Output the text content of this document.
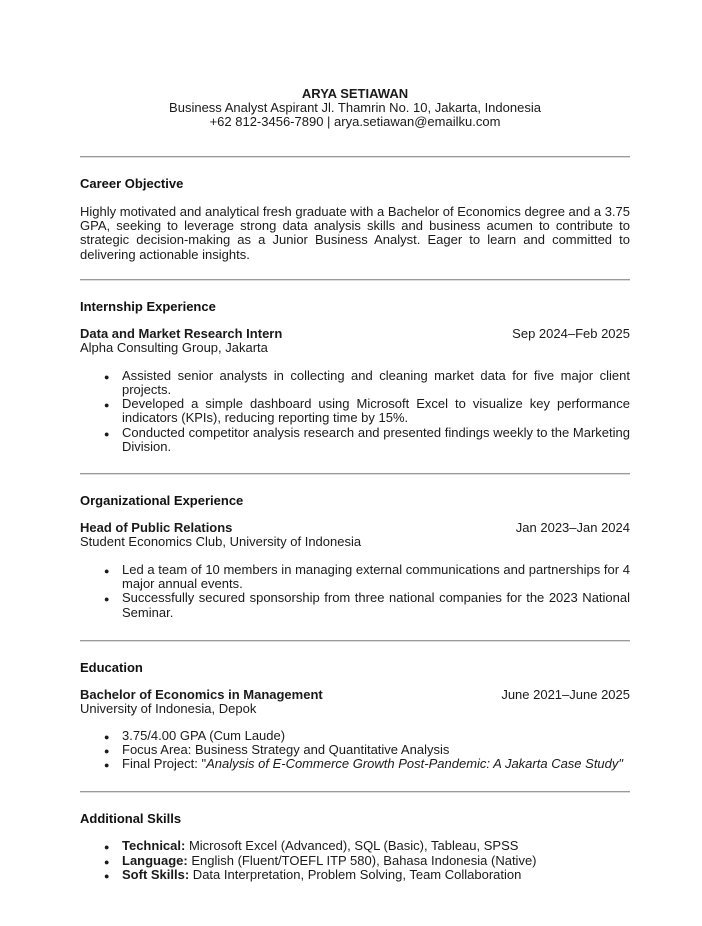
ARYA SETIAWAN
Business Analyst Aspirant Jl. Thamrin No. 10, Jakarta, Indonesia
+62 812-3456-7890 | arya.setiawan@emailku.com
Career Objective

Highly motivated and analytical fresh graduate with a Bachelor of Economics degree and a 3.75 GPA, seeking to leverage strong data analysis skills and business acumen to contribute to strategic decision-making as a Junior Business Analyst. Eager to learn and committed to delivering actionable insights.

Internship Experience
Data and Market Research Intern	Sep 2024–Feb 2025
Alpha Consulting Group, Jakarta
● Assisted senior analysts in collecting and cleaning market data for five major client projects.
● Developed a simple dashboard using Microsoft Excel to visualize key performance indicators (KPIs), reducing reporting time by 15%.
● Conducted competitor analysis research and presented findings weekly to the Marketing Division.
Organizational Experience
Head of Public Relations	Jan 2023–Jan 2024
Student Economics Club, University of Indonesia
● Led a team of 10 members in managing external communications and partnerships for 4 major annual events.
● Successfully secured sponsorship from three national companies for the 2023 National Seminar.
Education
Bachelor of Economics in Management	June 2021–June 2025
University of Indonesia, Depok
● 3.75/4.00 GPA (Cum Laude)
● Focus Area: Business Strategy and Quantitative Analysis
● Final Project: "Analysis of E-Commerce Growth Post-Pandemic: A Jakarta Case Study"
Additional Skills
● Technical: Microsoft Excel (Advanced), SQL (Basic), Tableau, SPSS
● Language: English (Fluent/TOEFL ITP 580), Bahasa Indonesia (Native)
● Soft Skills: Data Interpretation, Problem Solving, Team Collaboration
